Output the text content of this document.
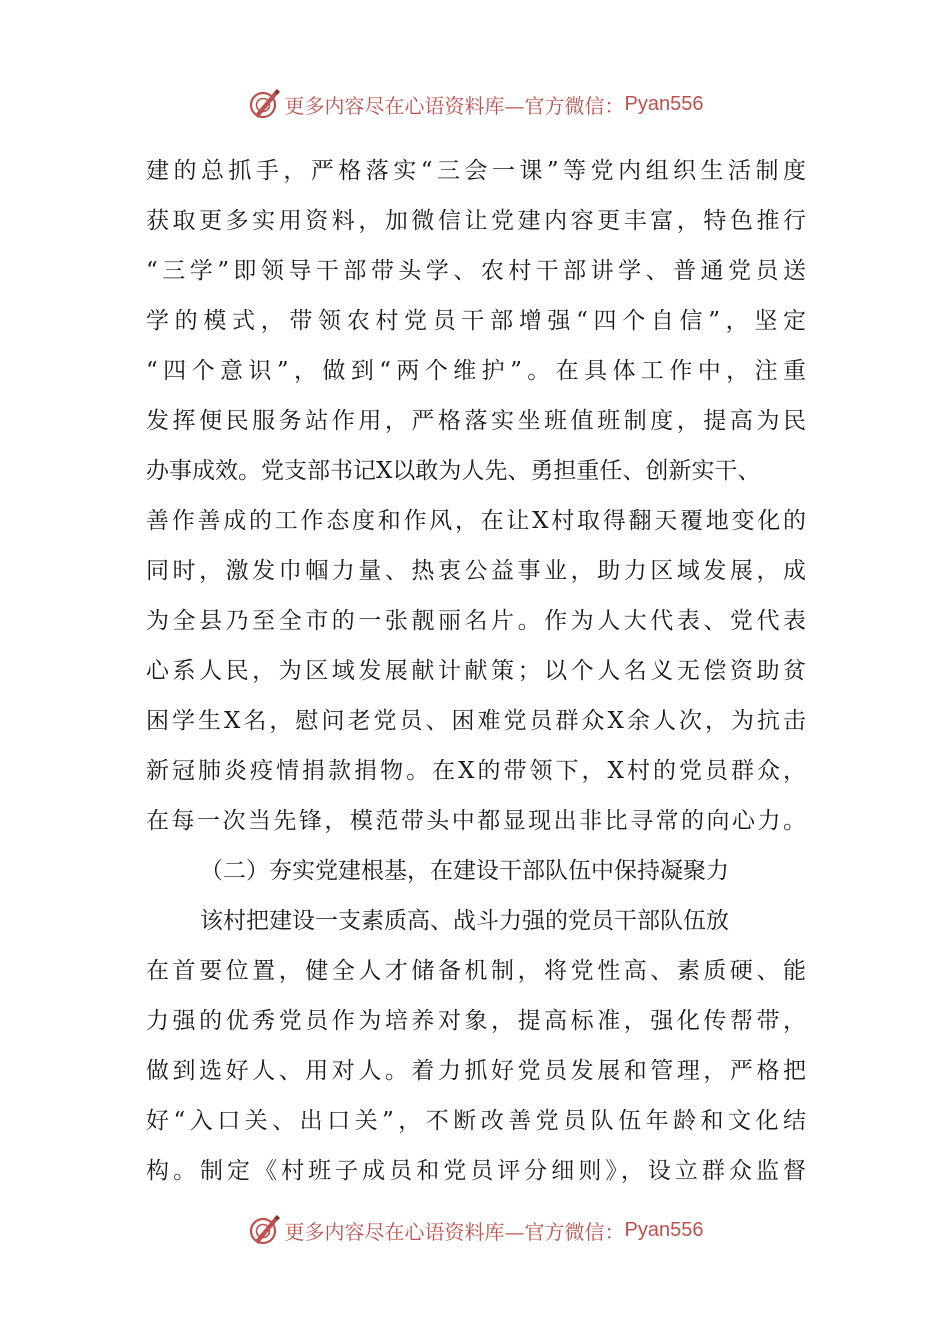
更多内容尽在心语资料库—官方微信： Pyan556
建的总抓手，严格落实“三会一课”等党内组织生活制度
获取更多实用资料，加微信让党建内容更丰富，特色推行
“三学”即领导干部带头学、农村干部讲学、普通党员送
学的模式，带领农村党员干部增强“四个自信”，坚定
“四个意识”，做到“两个维护”。在具体工作中，注重
发挥便民服务站作用，严格落实坐班值班制度，提高为民
办事成效。党支部书记X以敢为人先、勇担重任、创新实干、
善作善成的工作态度和作风，在让X村取得翻天覆地变化的
同时，激发巾帼力量、热衷公益事业，助力区域发展，成
为全县乃至全市的一张靓丽名片。作为人大代表、党代表
心系人民，为区域发展献计献策；以个人名义无偿资助贫
困学生X名，慰问老党员、困难党员群众X余人次，为抗击
新冠肺炎疫情捐款捐物。在X的带领下，X村的党员群众，
在每一次当先锋，模范带头中都显现出非比寻常的向心力。
（二）夯实党建根基，在建设干部队伍中保持凝聚力
该村把建设一支素质高、战斗力强的党员干部队伍放
在首要位置，健全人才储备机制，将党性高、素质硬、能
力强的优秀党员作为培养对象，提高标准，强化传帮带，
做到选好人、用对人。着力抓好党员发展和管理，严格把
好“入口关、出口关”，不断改善党员队伍年龄和文化结
构。制定《村班子成员和党员评分细则》，设立群众监督
更多内容尽在心语资料库—官方微信： Pyan556
